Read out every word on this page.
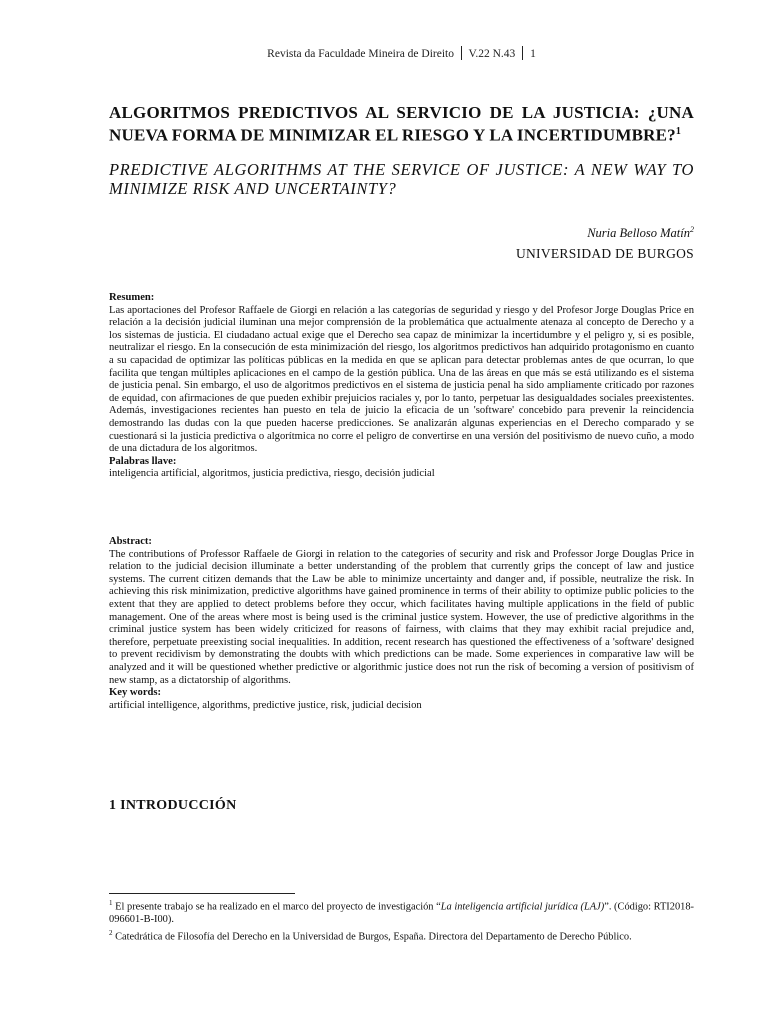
Revista da Faculdade Mineira de Direito V.22 N.43 1
ALGORITMOS PREDICTIVOS AL SERVICIO DE LA JUSTICIA: ¿UNA NUEVA FORMA DE MINIMIZAR EL RIESGO Y LA INCERTIDUMBRE?$^1$
PREDICTIVE ALGORITHMS AT THE SERVICE OF JUSTICE: A NEW WAY TO MINIMIZE RISK AND UNCERTAINTY?
Nuria Belloso Matín$^2$
UNIVERSIDAD DE BURGOS

Resumen:

Las aportaciones del Profesor Raffaele de Giorgi en relación a las categorías de seguridad y riesgo y del Profesor Jorge Douglas Price en relación a la decisión judicial iluminan una mejor comprensión de la problemática que actualmente atenaza al concepto de Derecho y a los sistemas de justicia. El ciudadano actual exige que el Derecho sea capaz de minimizar la incertidumbre y el peligro y, si es posible, neutralizar el riesgo. En la consecución de esta minimización del riesgo, los algoritmos predictivos han adquirido protagonismo en cuanto a su capacidad de optimizar las políticas públicas en la medida en que se aplican para detectar problemas antes de que ocurran, lo que facilita que tengan múltiples aplicaciones en el campo de la gestión pública. Una de las áreas en que más se está utilizando es el sistema de justicia penal. Sin embargo, el uso de algoritmos predictivos en el sistema de justicia penal ha sido ampliamente criticado por razones de equidad, con afirmaciones de que pueden exhibir prejuicios raciales y, por lo tanto, perpetuar las desigualdades sociales preexistentes. Además, investigaciones recientes han puesto en tela de juicio la eficacia de un 'software' concebido para prevenir la reincidencia demostrando las dudas con la que pueden hacerse predicciones. Se analizarán algunas experiencias en el Derecho comparado y se cuestionará si la justicia predictiva o algorítmica no corre el peligro de convertirse en una versión del positivismo de nuevo cuño, a modo de una dictadura de los algoritmos.

Palabras llave:

inteligencia artificial, algoritmos, justicia predictiva, riesgo, decisión judicial

Abstract:

The contributions of Professor Raffaele de Giorgi in relation to the categories of security and risk and Professor Jorge Douglas Price in relation to the judicial decision illuminate a better understanding of the problem that currently grips the concept of law and justice systems. The current citizen demands that the Law be able to minimize uncertainty and danger and, if possible, neutralize the risk. In achieving this risk minimization, predictive algorithms have gained prominence in terms of their ability to optimize public policies to the extent that they are applied to detect problems before they occur, which facilitates having multiple applications in the field of public management. One of the areas where most is being used is the criminal justice system. However, the use of predictive algorithms in the criminal justice system has been widely criticized for reasons of fairness, with claims that they may exhibit racial prejudice and, therefore, perpetuate preexisting social inequalities. In addition, recent research has questioned the effectiveness of a 'software' designed to prevent recidivism by demonstrating the doubts with which predictions can be made. Some experiences in comparative law will be analyzed and it will be questioned whether predictive or algorithmic justice does not run the risk of becoming a version of positivism of new stamp, as a dictatorship of algorithms.

Key words:

artificial intelligence, algorithms, predictive justice, risk, judicial decision

1 INTRODUCCIÓN

$^1$ El presente trabajo se ha realizado en el marco del proyecto de investigación “La inteligencia artificial jurídica (LAJ)”. (Código: RTI2018-096601-B-I00).

$^2$ Catedrática de Filosofía del Derecho en la Universidad de Burgos, España. Directora del Departamento de Derecho Público.
